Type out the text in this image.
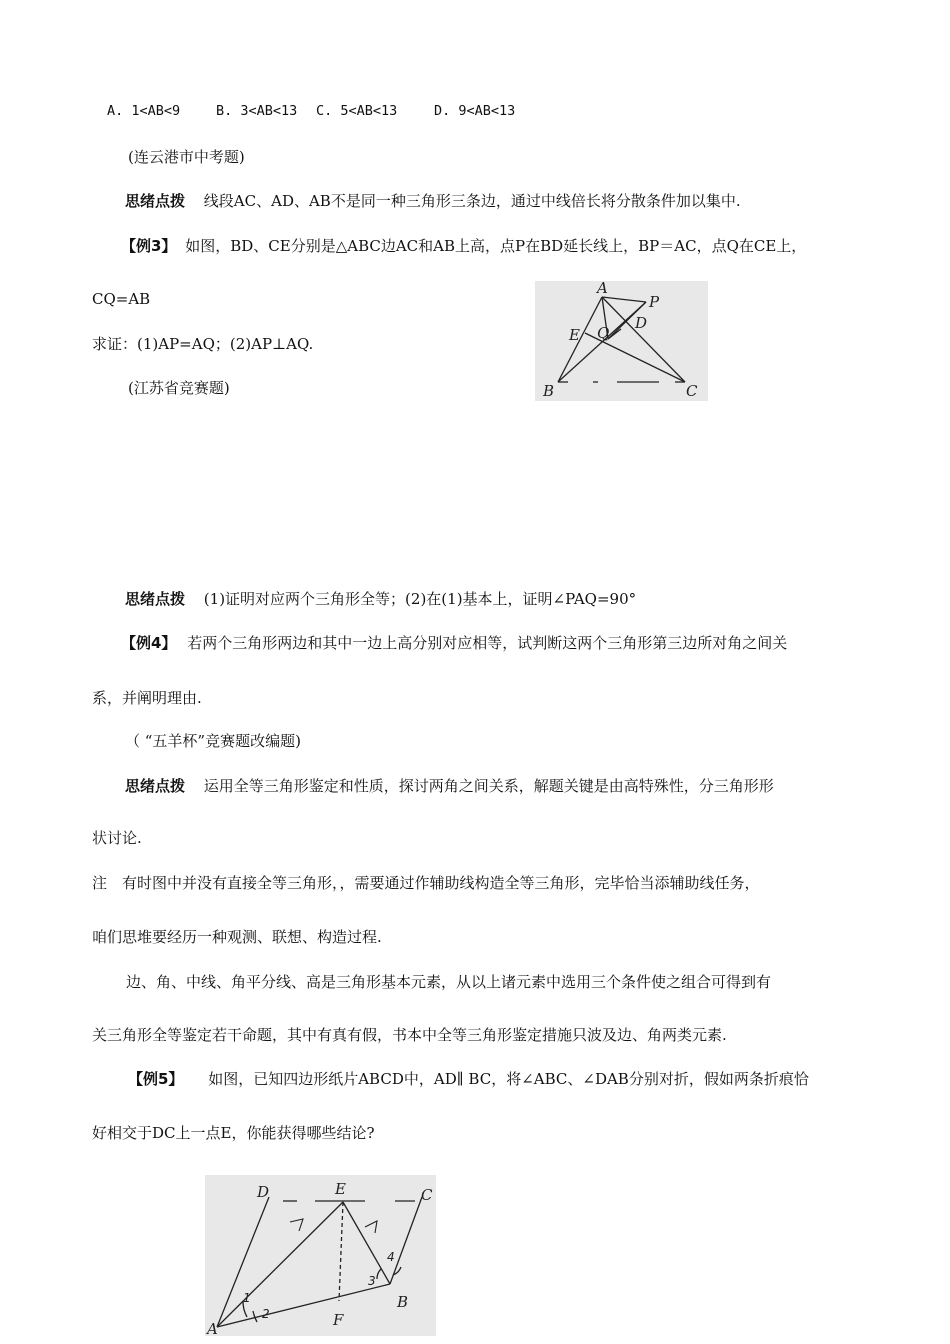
A. 1<AB<9	B. 3<AB<13 C. 5<AB<13	D. 9<AB<13
(连云港市中考题)
思绪点拨 线段AC、AD、AB不是同一种三角形三条边，通过中线倍长将分散条件加以集中.
【例3】 如图，BD、CE分别是△ABC边AC和AB上高，点P在BD延长线上，BP＝AC，点Q在CE上，
CQ=AB
求证：(1)AP=AQ；(2)AP⊥AQ.
(江苏省竞赛题)
A
P
E Q
D
B	C
思绪点拨 (1)证明对应两个三角形全等；(2)在(1)基本上，证明∠PAQ=90°
【例4】 若两个三角形两边和其中一边上高分别对应相等，试判断这两个三角形第三边所对角之间关
系，并阐明理由.
（ “五羊杯”竞赛题改编题)
思绪点拨 运用全等三角形鉴定和性质，探讨两角之间关系，解题关键是由高特殊性，分三角形形
状讨论.
注　有时图中并没有直接全等三角形，，需要通过作辅助线构造全等三角形，完毕恰当添辅助线任务，
咱们思堆要经历一种观测、联想、构造过程.
边、角、中线、角平分线、高是三角形基本元素，从以上诸元素中选用三个条件使之组合可得到有
关三角形全等鉴定若干命题，其中有真有假，书本中全等三角形鉴定措施只波及边、角两类元素.
【例5】 如图，已知四边形纸片ABCD中，AD∥ BC，将∠ABC、∠DAB分别对折，假如两条折痕恰
好相交于DC上一点E，你能获得哪些结论?
D	E	C
A
B
F
1
2
3
4
